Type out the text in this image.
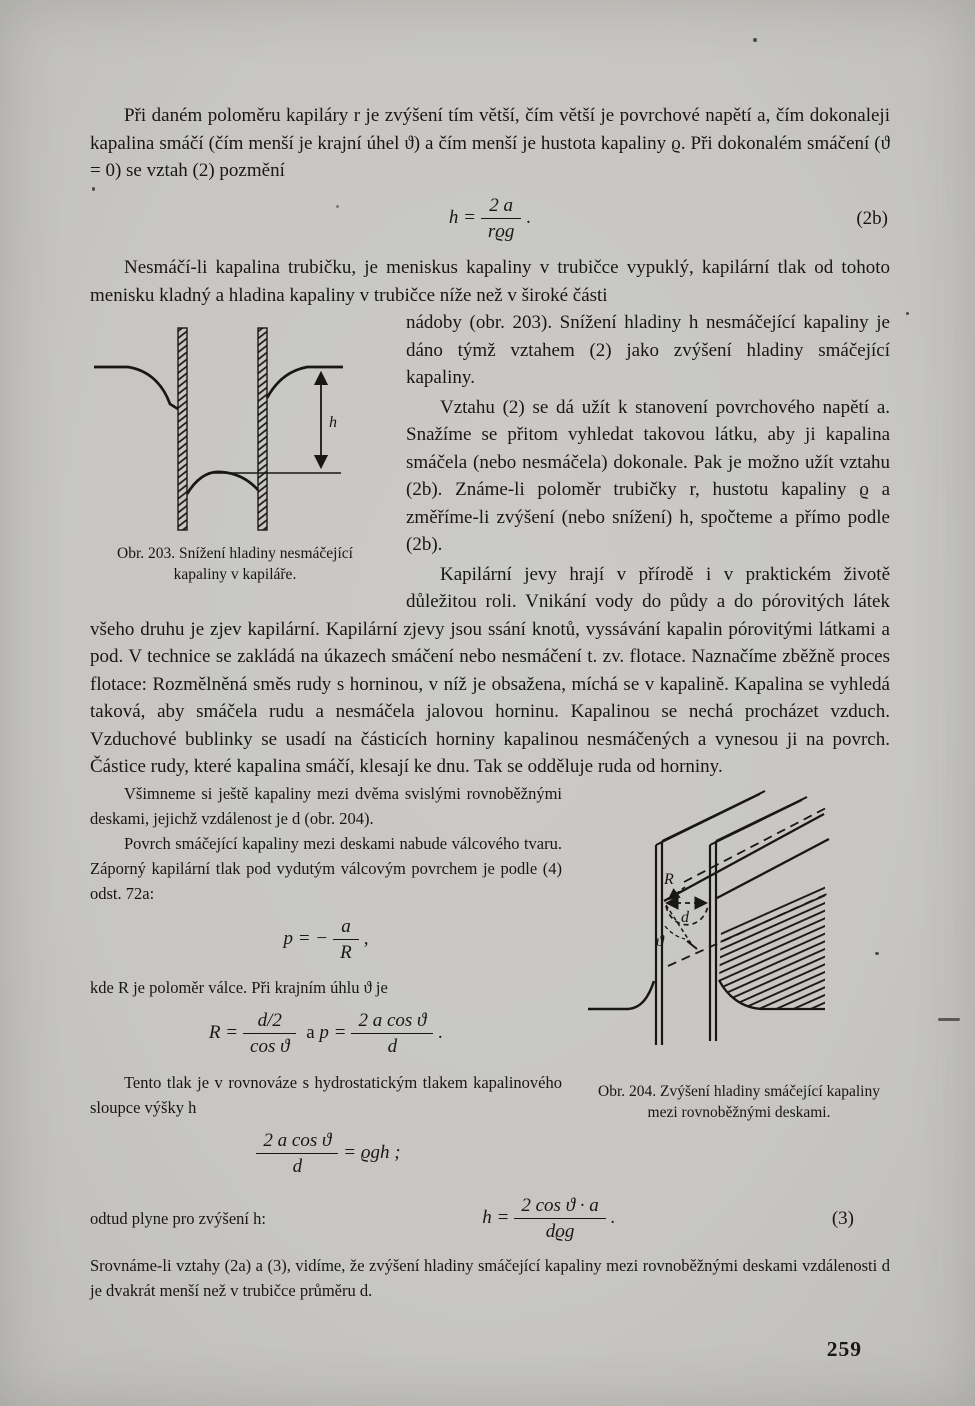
Při daném poloměru kapiláry r je zvýšení tím větší, čím větší je povrchové napětí a, čím dokonaleji kapalina smáčí (čím menší je krajní úhel ϑ) a čím menší je hustota kapaliny ϱ. Při dokonalém smáčení (ϑ = 0) se vztah (2) pozmění

$h = \frac{2 a}{\text{rϱg}}$ .	(2b)

Nesmáčí-li kapalina trubičku, je meniskus kapaliny v trubičce vypuklý, kapilární tlak od tohoto menisku kladný a hladina kapaliny v trubičce níže než v široké části

h

Obr. 203. Snížení hladiny nesmáčející kapaliny v kapiláře.

nádoby (obr. 203). Snížení hladiny h nesmáčející kapaliny je dáno týmž vztahem (2) jako zvýšení hladiny smáčející kapaliny.

Vztahu (2) se dá užít k stanovení povrchového napětí a. Snažíme se přitom vyhledat takovou látku, aby ji kapalina smáčela (nebo nesmáčela) dokonale. Pak je možno užít vztahu (2b). Známe-li poloměr trubičky r, hustotu kapaliny ϱ a změříme-li zvýšení (nebo snížení) h, spočteme a přímo podle (2b).

Kapilární jevy hrají v přírodě i v praktickém životě důležitou roli. Vnikání vody do půdy a do pórovitých látek všeho druhu je zjev kapilární. Kapilární zjevy jsou ssání knotů, vyssávání kapalin pórovitými látkami a pod. V technice se zakládá na úkazech smáčení nebo nesmáčení t. zv. flotace. Naznačíme zběžně proces flotace: Rozmělněná směs rudy s horninou, v níž je obsažena, míchá se v kapalině. Kapalina se vyhledá taková, aby smáčela rudu a nesmáčela jalovou horninu. Kapalinou se nechá procházet vzduch. Vzduchové bublinky se usadí na částicích horniny kapalinou nesmáčených a vynesou ji na povrch. Částice rudy, které kapalina smáčí, klesají ke dnu. Tak se odděluje ruda od horniny.

d
R
ϑ

Obr. 204. Zvýšení hladiny smáčející kapaliny mezi rovnoběžnými deskami.

Všimneme si ještě kapaliny mezi dvěma svislými rovnoběžnými deskami, jejichž vzdálenost je d (obr. 204).

Povrch smáčející kapaliny mezi deskami nabude válcového tvaru. Záporný kapilární tlak pod vydutým válcovým povrchem je podle (4) odst. 72a:

p = − $\frac{a}{R}$ ,

kde R je poloměr válce. Při krajním úhlu ϑ je

$R = \frac{d/2}{\text{cos ϑ}}$ a $p = \frac{\text{2 a cos ϑ}}{d}$ .

Tento tlak je v rovnováze s hydrostatickým tlakem kapalinového sloupce výšky h

$\frac{\text{2 a cos ϑ}}{d} = ϱgh$ ;
odtud plyne pro zvýšení h:	$h = \frac{\text{2 cos ϑ · a}}{\text{dϱg}}$ .	(3)

Srovnáme-li vztahy (2a) a (3), vidíme, že zvýšení hladiny smáčející kapaliny mezi rovnoběžnými deskami vzdálenosti d je dvakrát menší než v trubičce průměru d.

259
